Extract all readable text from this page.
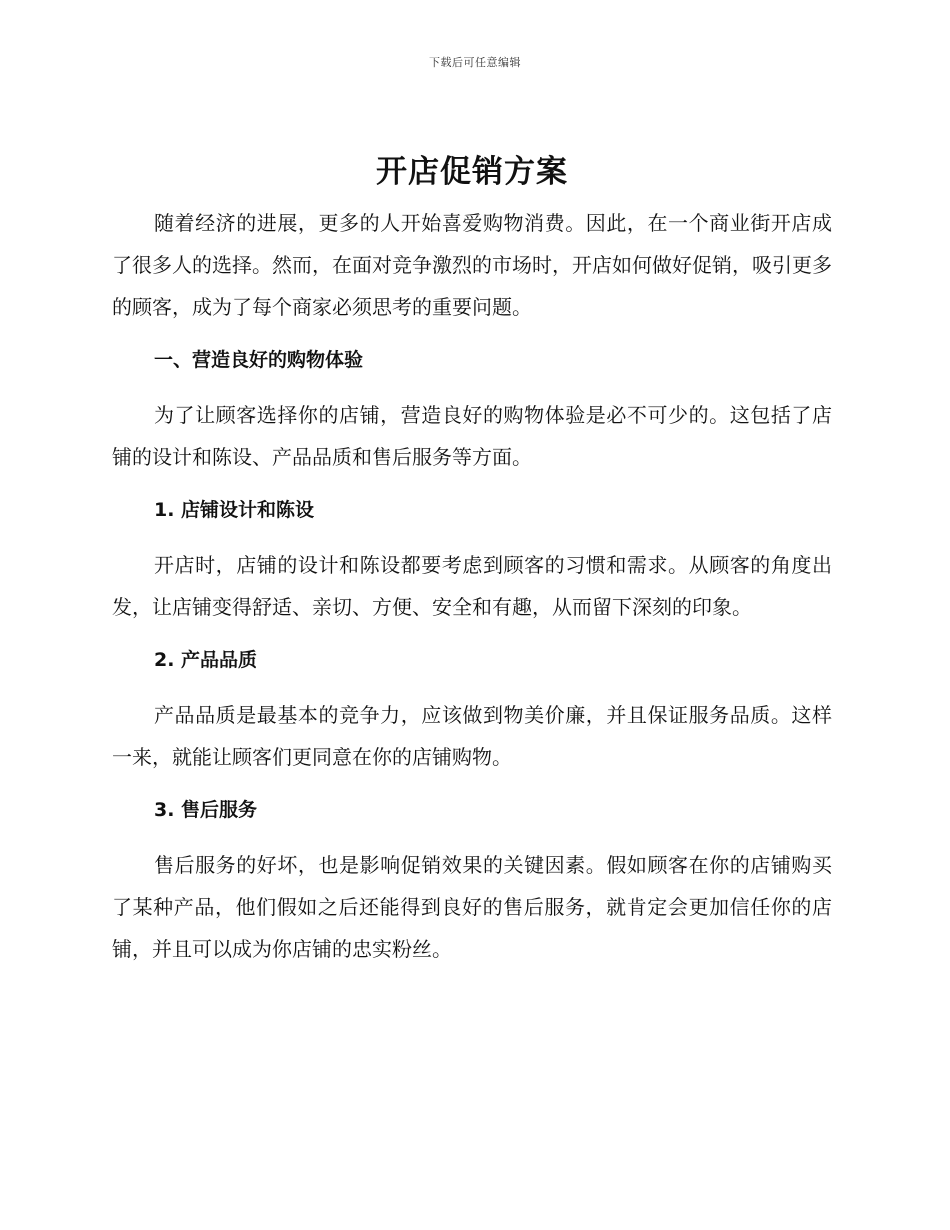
下载后可任意编辑
开店促销方案

随着经济的进展，更多的人开始喜爱购物消费。因此，在一个商业街开店成了很多人的选择。然而，在面对竞争激烈的市场时，开店如何做好促销，吸引更多的顾客，成为了每个商家必须思考的重要问题。

一、营造良好的购物体验

为了让顾客选择你的店铺，营造良好的购物体验是必不可少的。这包括了店铺的设计和陈设、产品品质和售后服务等方面。

1. 店铺设计和陈设

开店时，店铺的设计和陈设都要考虑到顾客的习惯和需求。从顾客的角度出发，让店铺变得舒适、亲切、方便、安全和有趣，从而留下深刻的印象。

2. 产品品质

产品品质是最基本的竞争力，应该做到物美价廉，并且保证服务品质。这样一来，就能让顾客们更同意在你的店铺购物。

3. 售后服务

售后服务的好坏，也是影响促销效果的关键因素。假如顾客在你的店铺购买了某种产品，他们假如之后还能得到良好的售后服务，就肯定会更加信任你的店铺，并且可以成为你店铺的忠实粉丝。
